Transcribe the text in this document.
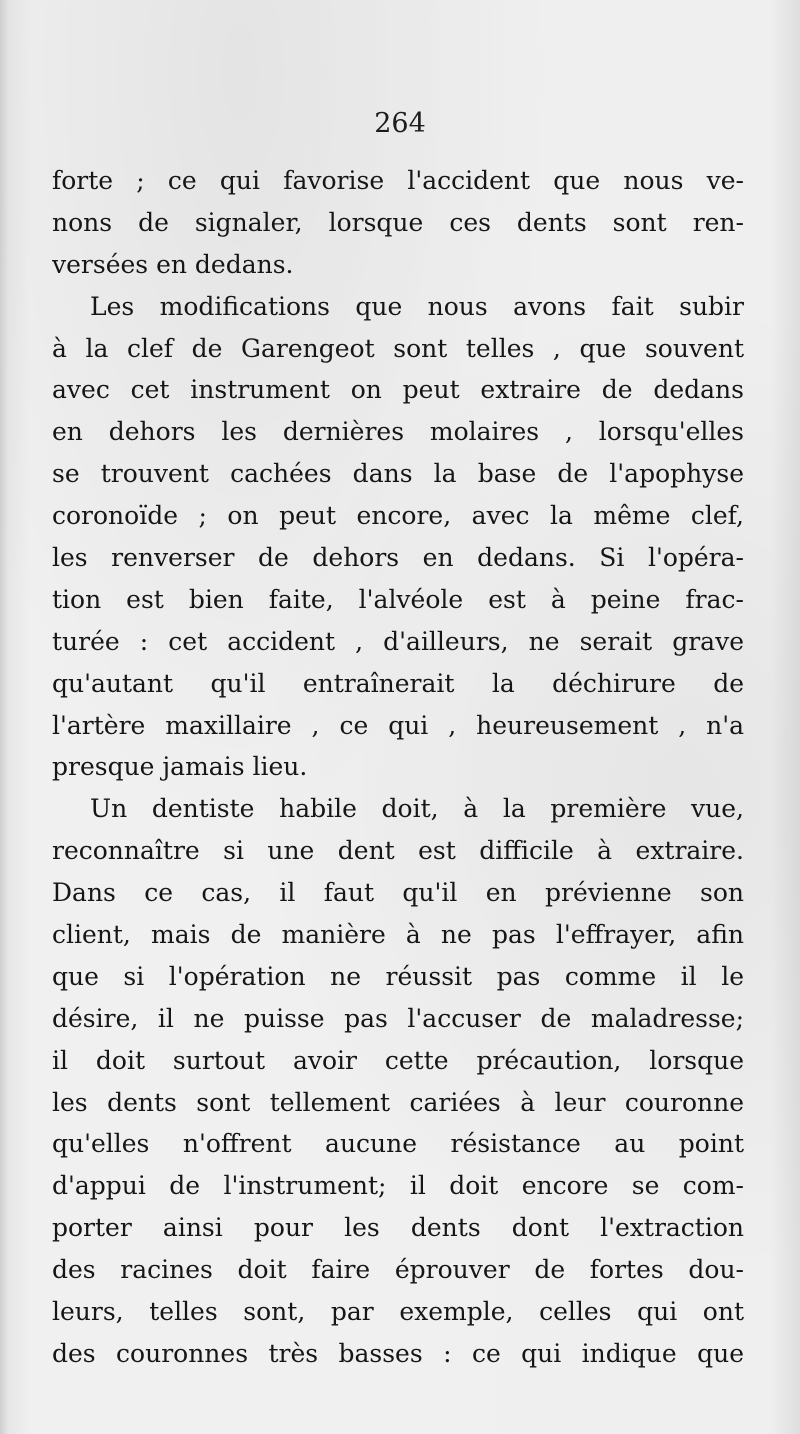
264
forte ; ce qui favorise l'accident que nous ve-
nons de signaler, lorsque ces dents sont ren-
versées en dedans.
Les modifications que nous avons fait subir
à la clef de Garengeot sont telles , que souvent
avec cet instrument on peut extraire de dedans
en dehors les dernières molaires , lorsqu'elles
se trouvent cachées dans la base de l'apophyse
coronoïde ; on peut encore, avec la même clef,
les renverser de dehors en dedans. Si l'opéra-
tion est bien faite, l'alvéole est à peine frac-
turée : cet accident , d'ailleurs, ne serait grave
qu'autant qu'il entraînerait la déchirure de
l'artère maxillaire , ce qui , heureusement , n'a
presque jamais lieu.
Un dentiste habile doit, à la première vue,
reconnaître si une dent est difficile à extraire.
Dans ce cas, il faut qu'il en prévienne son
client, mais de manière à ne pas l'effrayer, afin
que si l'opération ne réussit pas comme il le
désire, il ne puisse pas l'accuser de maladresse;
il doit surtout avoir cette précaution, lorsque
les dents sont tellement cariées à leur couronne
qu'elles n'offrent aucune résistance au point
d'appui de l'instrument; il doit encore se com-
porter ainsi pour les dents dont l'extraction
des racines doit faire éprouver de fortes dou-
leurs, telles sont, par exemple, celles qui ont
des couronnes très basses : ce qui indique que
